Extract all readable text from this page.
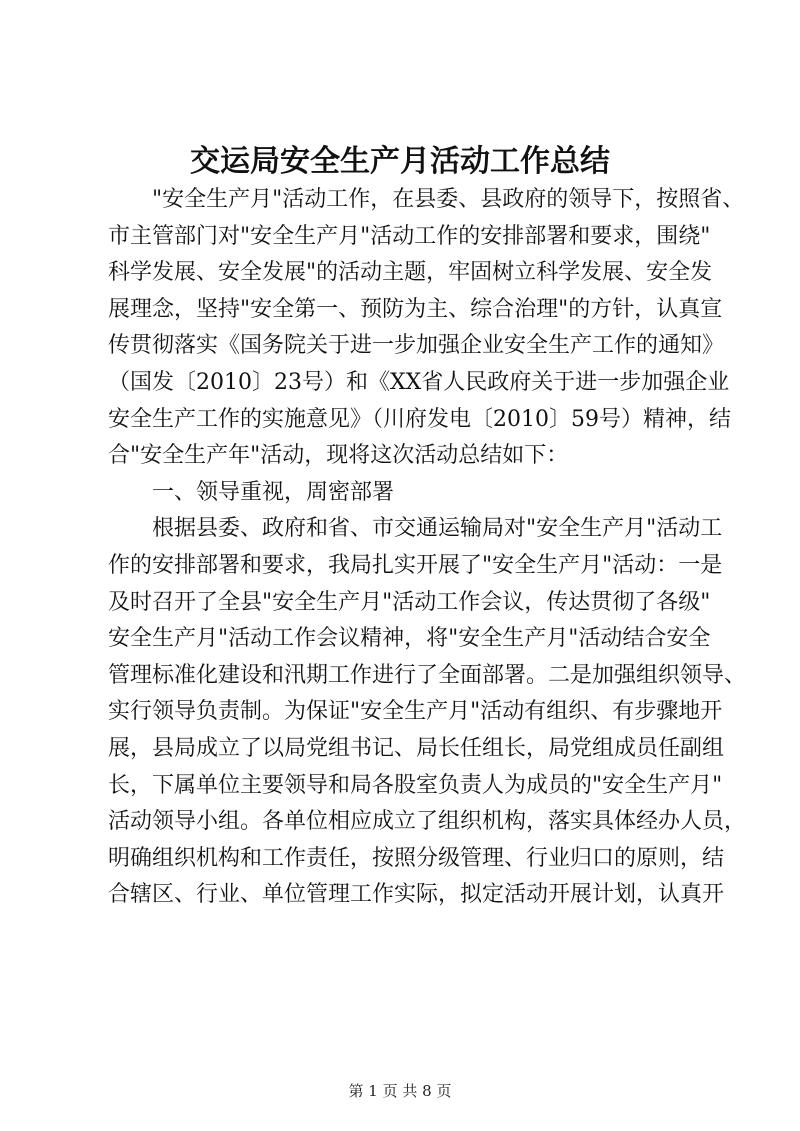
交运局安全生产月活动工作总结
"安全生产月"活动工作，在县委、县政府的领导下，按照省、
市主管部门对"安全生产月"活动工作的安排部署和要求，围绕"
科学发展、安全发展"的活动主题，牢固树立科学发展、安全发
展理念，坚持"安全第一、预防为主、综合治理"的方针，认真宣
传贯彻落实《国务院关于进一步加强企业安全生产工作的通知》
（国发〔2010〕23号）和《XX省人民政府关于进一步加强企业
安全生产工作的实施意见》（川府发电〔2010〕59号）精神，结
合"安全生产年"活动，现将这次活动总结如下：
一、领导重视，周密部署
根据县委、政府和省、市交通运输局对"安全生产月"活动工
作的安排部署和要求，我局扎实开展了"安全生产月"活动：一是
及时召开了全县"安全生产月"活动工作会议，传达贯彻了各级"
安全生产月"活动工作会议精神，将"安全生产月"活动结合安全
管理标准化建设和汛期工作进行了全面部署。二是加强组织领导、
实行领导负责制。为保证"安全生产月"活动有组织、有步骤地开
展，县局成立了以局党组书记、局长任组长，局党组成员任副组
长，下属单位主要领导和局各股室负责人为成员的"安全生产月"
活动领导小组。各单位相应成立了组织机构，落实具体经办人员，
明确组织机构和工作责任，按照分级管理、行业归口的原则，结
合辖区、行业、单位管理工作实际，拟定活动开展计划，认真开
第 1 页 共 8 页
